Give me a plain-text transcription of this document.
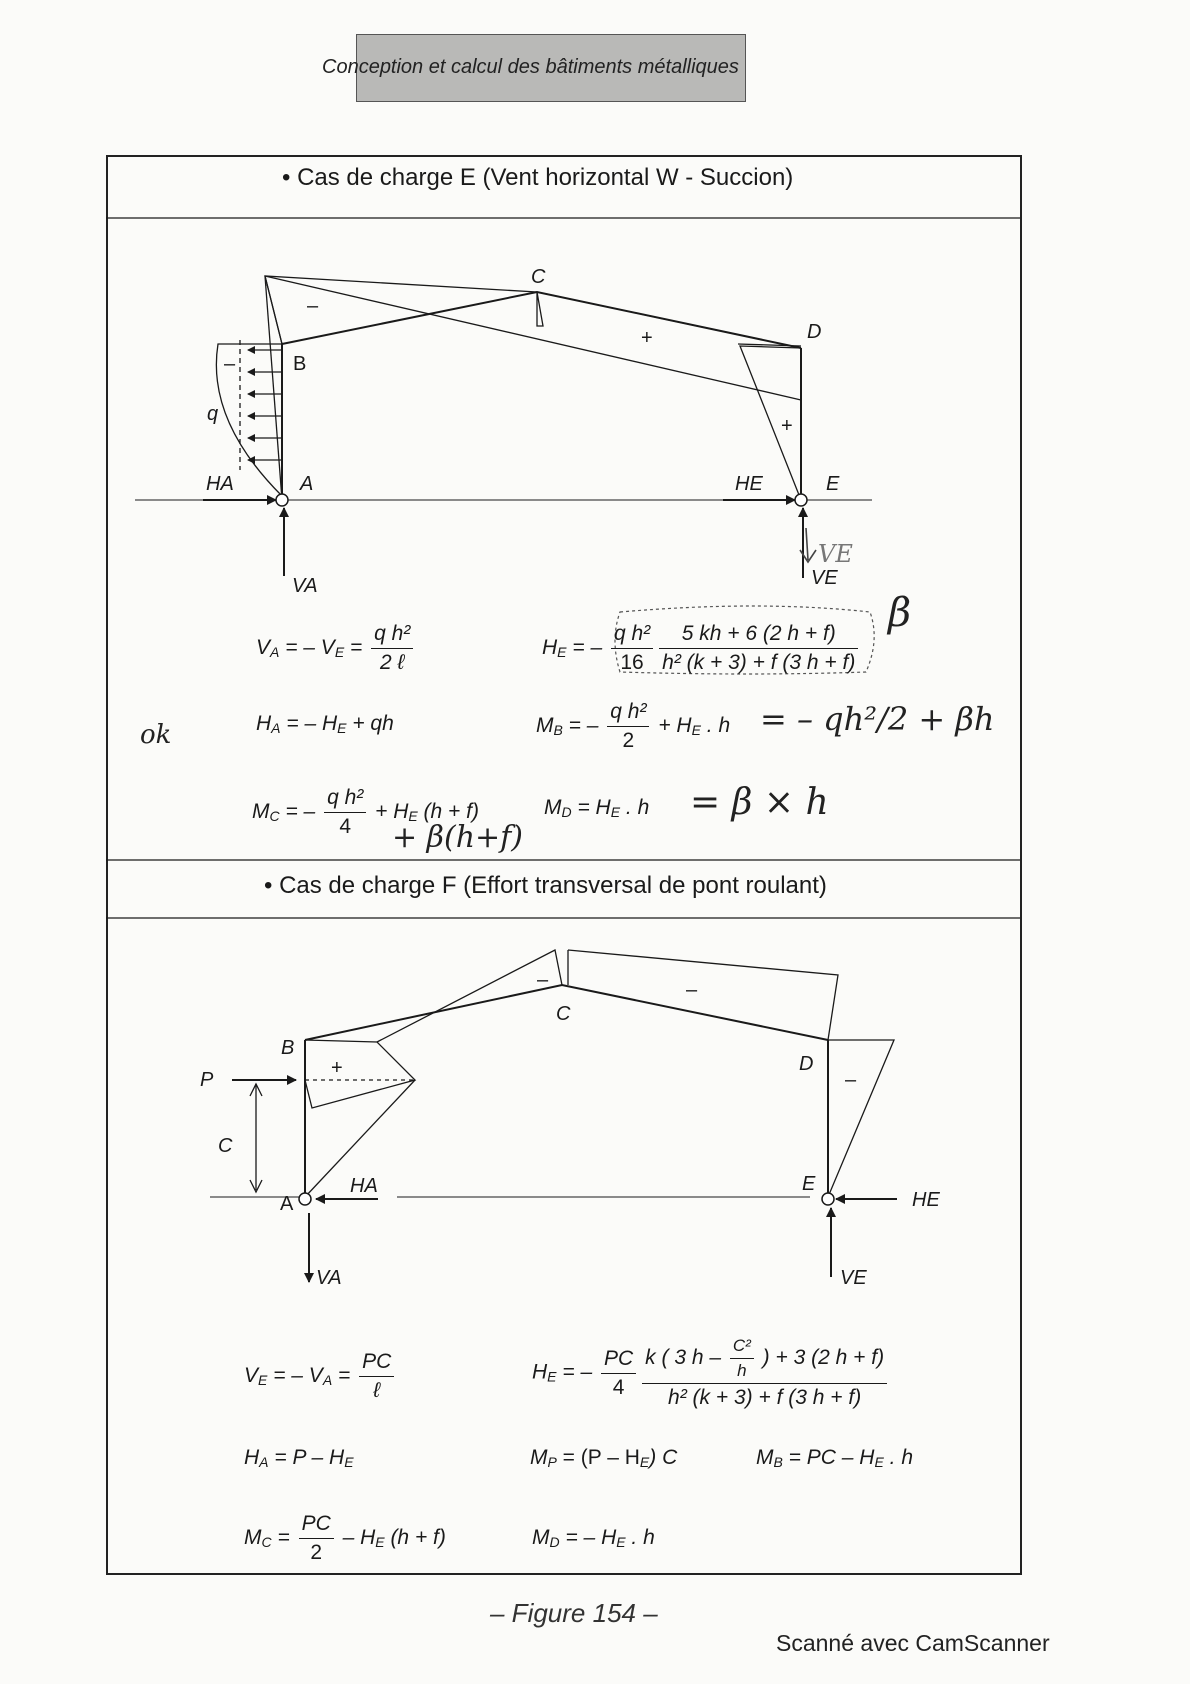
Conception et calcul des bâtiments métalliques
• Cas de charge E (Vent horizontal W - Succion)
• Cas de charge F (Effort transversal de pont roulant)
C
D
B
A	E
q
HA	HE
VA	VE
–
+
+
–
B
C
D
A
E
P
C
HA
HE
VA	VE
+
–	–
–
$V_A$ = – $V_E = \frac{\text{q h²}}{\text{2 ℓ}}$	$H_E$ = – $\frac{\text{q h²}}{16} \frac{5 kh + 6 (2 h + f)}{\text{h² (k + 3) + f (3 h + f)}}$
$H_A$ = – $H_E$ + qh	$M_B$ = – $\frac{\text{q h²}}{2} + H_E$ . h
$M_C$ = – $\frac{\text{q h²}}{4} + H_E$ (h + f)	$M_D = H_E$ . h
$V_E$ = – $V_A = \frac{PC}{\text{ℓ}}$	$H_E$ = – $\frac{PC}{4} \frac{k ( 3 h - \frac{\text{C²}}{h} ) + 3 (2 h + f)}{\text{h² (k + 3) + f (3 h + f)}}$
$H_A = P - H_E$	$M_P = (P - H_E)$ C	$M_B$ = PC – $H_E$ . h
$M_C = \frac{PC}{2} - H_E$ (h + f)	$M_D$ = – $H_E$ . h
ok
β
VE
= – qh²/2 + βh
= β × h
+ β(h+f)
– Figure 154 –
Scanné avec CamScanner
